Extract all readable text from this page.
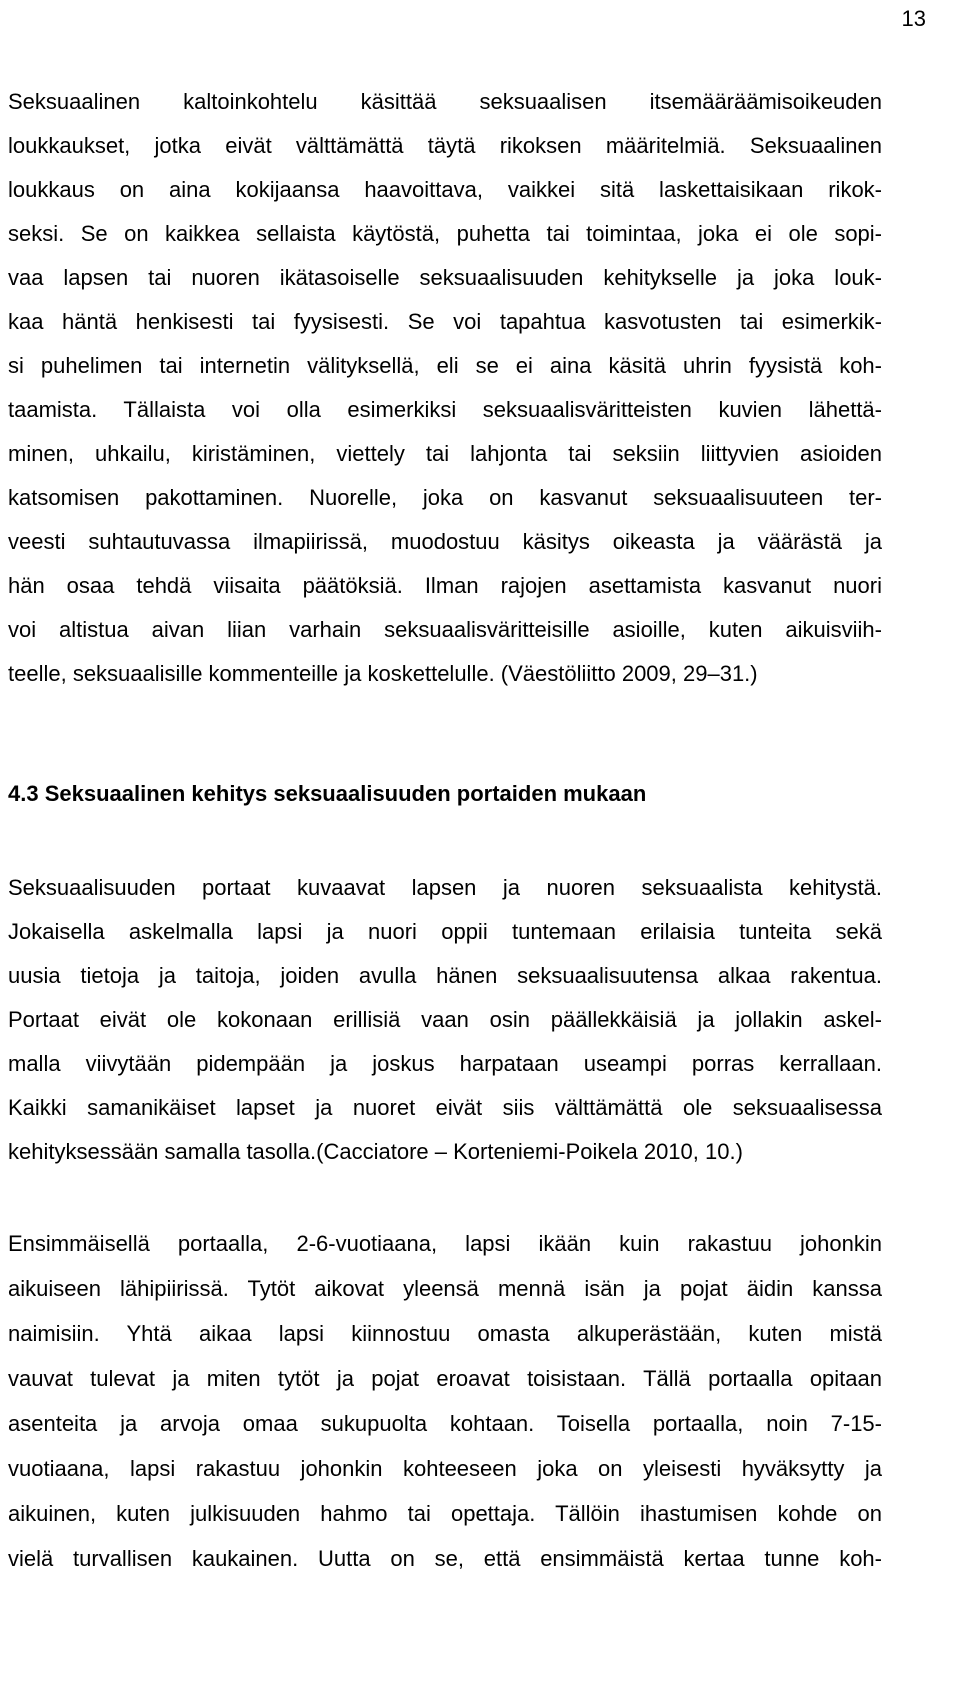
13
Seksuaalinen kaltoinkohtelu käsittää seksuaalisen itsemääräämisoikeuden
loukkaukset, jotka eivät välttämättä täytä rikoksen määritelmiä. Seksuaalinen
loukkaus on aina kokijaansa haavoittava, vaikkei sitä laskettaisikaan rikok-
seksi. Se on kaikkea sellaista käytöstä, puhetta tai toimintaa, joka ei ole sopi-
vaa lapsen tai nuoren ikätasoiselle seksuaalisuuden kehitykselle ja joka louk-
kaa häntä henkisesti tai fyysisesti. Se voi tapahtua kasvotusten tai esimerkik-
si puhelimen tai internetin välityksellä, eli se ei aina käsitä uhrin fyysistä koh-
taamista. Tällaista voi olla esimerkiksi seksuaalisväritteisten kuvien lähettä-
minen, uhkailu, kiristäminen, viettely tai lahjonta tai seksiin liittyvien asioiden
katsomisen pakottaminen. Nuorelle, joka on kasvanut seksuaalisuuteen ter-
veesti suhtautuvassa ilmapiirissä, muodostuu käsitys oikeasta ja väärästä ja
hän osaa tehdä viisaita päätöksiä. Ilman rajojen asettamista kasvanut nuori
voi altistua aivan liian varhain seksuaalisväritteisille asioille, kuten aikuisviih-
teelle, seksuaalisille kommenteille ja koskettelulle. (Väestöliitto 2009, 29–31.)
4.3 Seksuaalinen kehitys seksuaalisuuden portaiden mukaan
Seksuaalisuuden portaat kuvaavat lapsen ja nuoren seksuaalista kehitystä.
Jokaisella askelmalla lapsi ja nuori oppii tuntemaan erilaisia tunteita sekä
uusia tietoja ja taitoja, joiden avulla hänen seksuaalisuutensa alkaa rakentua.
Portaat eivät ole kokonaan erillisiä vaan osin päällekkäisiä ja jollakin askel-
malla viivytään pidempään ja joskus harpataan useampi porras kerrallaan.
Kaikki samanikäiset lapset ja nuoret eivät siis välttämättä ole seksuaalisessa
kehityksessään samalla tasolla.(Cacciatore – Korteniemi-Poikela 2010, 10.)
Ensimmäisellä portaalla, 2-6-vuotiaana, lapsi ikään kuin rakastuu johonkin
aikuiseen lähipiirissä. Tytöt aikovat yleensä mennä isän ja pojat äidin kanssa
naimisiin. Yhtä aikaa lapsi kiinnostuu omasta alkuperästään, kuten mistä
vauvat tulevat ja miten tytöt ja pojat eroavat toisistaan. Tällä portaalla opitaan
asenteita ja arvoja omaa sukupuolta kohtaan. Toisella portaalla, noin 7-15-
vuotiaana, lapsi rakastuu johonkin kohteeseen joka on yleisesti hyväksytty ja
aikuinen, kuten julkisuuden hahmo tai opettaja. Tällöin ihastumisen kohde on
vielä turvallisen kaukainen. Uutta on se, että ensimmäistä kertaa tunne koh-
